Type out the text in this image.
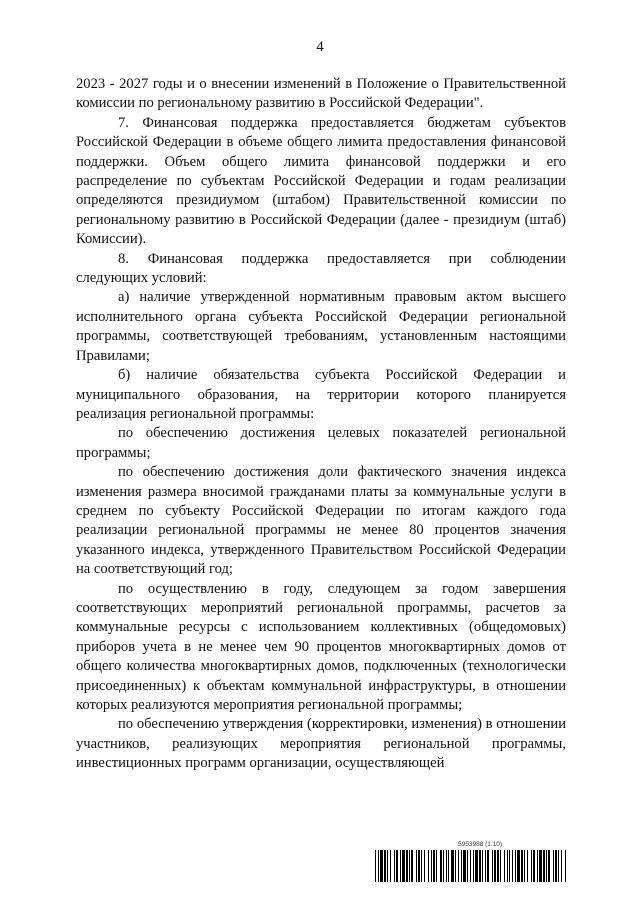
4

2023 - 2027 годы и о внесении изменений в Положение о Правительственной комиссии по региональному развитию в Российской Федерации".

7. Финансовая поддержка предоставляется бюджетам субъектов Российской Федерации в объеме общего лимита предоставления финансовой поддержки. Объем общего лимита финансовой поддержки и его распределение по субъектам Российской Федерации и годам реализации определяются президиумом (штабом) Правительственной комиссии по региональному развитию в Российской Федерации (далее - президиум (штаб) Комиссии).

8. Финансовая поддержка предоставляется при соблюдении следующих условий:

а) наличие утвержденной нормативным правовым актом высшего исполнительного органа субъекта Российской Федерации региональной программы, соответствующей требованиям, установленным настоящими Правилами;

б) наличие обязательства субъекта Российской Федерации и муниципального образования, на территории которого планируется реализация региональной программы:

по обеспечению достижения целевых показателей региональной программы;

по обеспечению достижения доли фактического значения индекса изменения размера вносимой гражданами платы за коммунальные услуги в среднем по субъекту Российской Федерации по итогам каждого года реализации региональной программы не менее 80 процентов значения указанного индекса, утвержденного Правительством Российской Федерации на соответствующий год;

по осуществлению в году, следующем за годом завершения соответствующих мероприятий региональной программы, расчетов за коммунальные ресурсы с использованием коллективных (общедомовых) приборов учета в не менее чем 90 процентов многоквартирных домов от общего количества многоквартирных домов, подключенных (технологически присоединенных) к объектам коммунальной инфраструктуры, в отношении которых реализуются мероприятия региональной программы;

по обеспечению утверждения (корректировки, изменения) в отношении участников, реализующих мероприятия региональной программы, инвестиционных программ организации, осуществляющей

5953988 (1.10)
